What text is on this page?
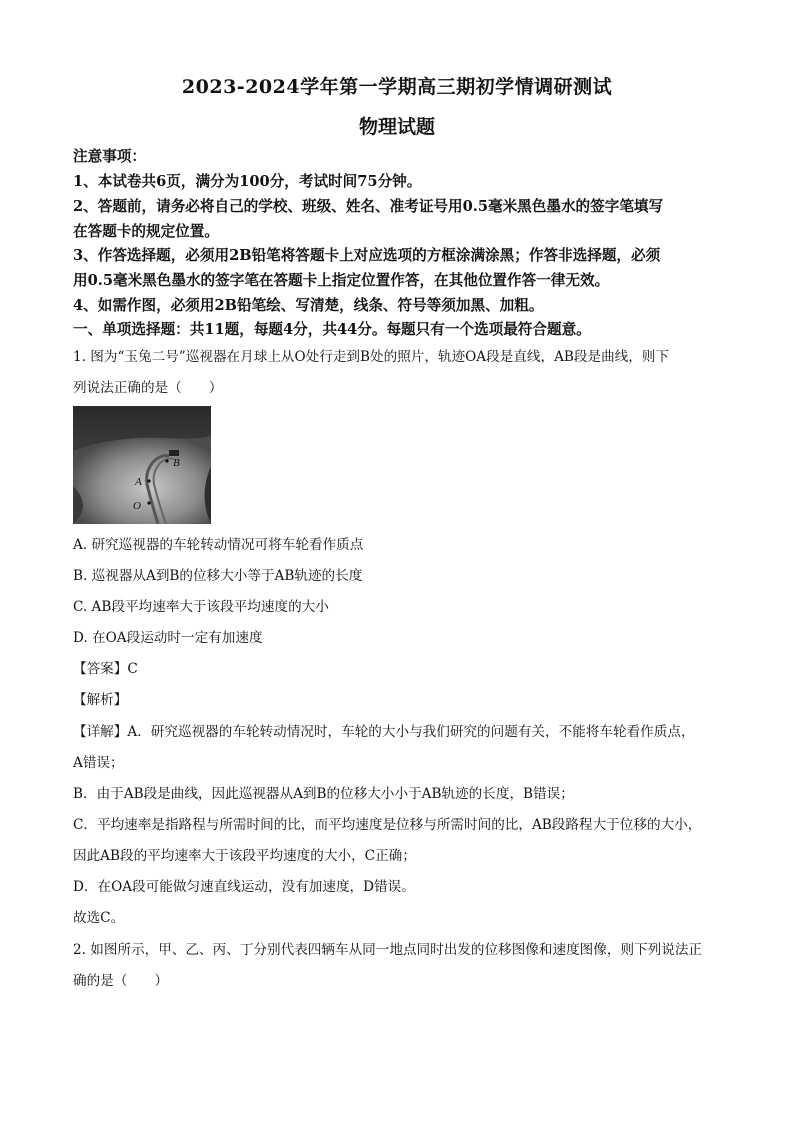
2023-2024学年第一学期高三期初学情调研测试
物理试题
注意事项：
1、本试卷共6页，满分为100分，考试时间75分钟。
2、答题前，请务必将自己的学校、班级、姓名、准考证号用0.5毫米黑色墨水的签字笔填写
在答题卡的规定位置。
3、作答选择题，必须用2B铅笔将答题卡上对应选项的方框涂满涂黑；作答非选择题，必须
用0.5毫米黑色墨水的签字笔在答题卡上指定位置作答，在其他位置作答一律无效。
4、如需作图，必须用2B铅笔绘、写清楚，线条、符号等须加黑、加粗。
一、单项选择题：共11题，每题4分，共44分。每题只有一个选项最符合题意。
1. 图为“玉兔二号”巡视器在月球上从O处行走到B处的照片，轨迹OA段是直线，AB段是曲线，则下
列说法正确的是（　　）
O
A
B
A. 研究巡视器的车轮转动情况可将车轮看作质点
B. 巡视器从A到B的位移大小等于AB轨迹的长度
C. AB段平均速率大于该段平均速度的大小
D. 在OA段运动时一定有加速度
【答案】C
【解析】
【详解】A．研究巡视器的车轮转动情况时，车轮的大小与我们研究的问题有关，不能将车轮看作质点，
A错误；
B．由于AB段是曲线，因此巡视器从A到B的位移大小小于AB轨迹的长度，B错误；
C．平均速率是指路程与所需时间的比，而平均速度是位移与所需时间的比，AB段路程大于位移的大小，
因此AB段的平均速率大于该段平均速度的大小，C正确；
D．在OA段可能做匀速直线运动，没有加速度，D错误。
故选C。
2. 如图所示，甲、乙、丙、丁分别代表四辆车从同一地点同时出发的位移图像和速度图像，则下列说法正
确的是（　　）
